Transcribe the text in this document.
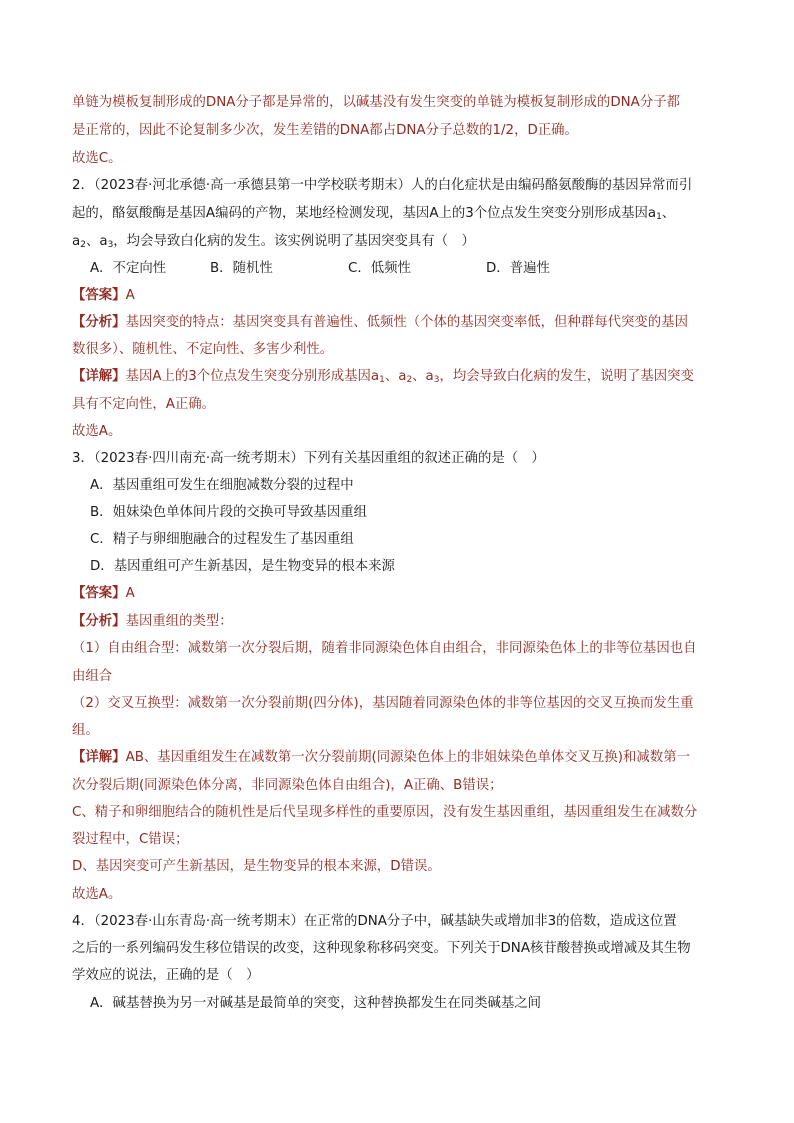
单链为模板复制形成的DNA分子都是异常的，以碱基没有发生突变的单链为模板复制形成的DNA分子都
是正常的，因此不论复制多少次，发生差错的DNA都占DNA分子总数的1/2，D正确。
故选C。
2．（2023春·河北承德·高一承德县第一中学校联考期末）人的白化症状是由编码酪氨酸酶的基因异常而引
起的，酪氨酸酶是基因A编码的产物，某地经检测发现，基因A上的3个位点发生突变分别形成基因$a_1$、
$a_2$、$a_3$，均会导致白化病的发生。该实例说明了基因突变具有（　）
A．不定向性	B．随机性	C．低频性	D．普遍性
【答案】A
【分析】基因突变的特点：基因突变具有普遍性、低频性（个体的基因突变率低，但种群每代突变的基因
数很多）、随机性、不定向性、多害少利性。
【详解】基因A上的3个位点发生突变分别形成基因$a_1$、$a_2$、$a_3$，均会导致白化病的发生，说明了基因突变
具有不定向性，A正确。
故选A。
3．（2023春·四川南充·高一统考期末）下列有关基因重组的叙述正确的是（　）
A．基因重组可发生在细胞减数分裂的过程中
B．姐妹染色单体间片段的交换可导致基因重组
C．精子与卵细胞融合的过程发生了基因重组
D．基因重组可产生新基因，是生物变异的根本来源
【答案】A
【分析】基因重组的类型：
（1）自由组合型：减数第一次分裂后期，随着非同源染色体自由组合，非同源染色体上的非等位基因也自
由组合
（2）交叉互换型：减数第一次分裂前期(四分体)，基因随着同源染色体的非等位基因的交叉互换而发生重
组。
【详解】AB、基因重组发生在减数第一次分裂前期(同源染色体上的非姐妹染色单体交叉互换)和减数第一
次分裂后期(同源染色体分离，非同源染色体自由组合)，A正确、B错误；
C、精子和卵细胞结合的随机性是后代呈现多样性的重要原因，没有发生基因重组，基因重组发生在减数分
裂过程中，C错误；
D、基因突变可产生新基因，是生物变异的根本来源，D错误。
故选A。
4．（2023春·山东青岛·高一统考期末）在正常的DNA分子中，碱基缺失或增加非3的倍数，造成这位置
之后的一系列编码发生移位错误的改变，这种现象称移码突变。下列关于DNA核苷酸替换或增减及其生物
学效应的说法，正确的是（　）
A．碱基替换为另一对碱基是最简单的突变，这种替换都发生在同类碱基之间
